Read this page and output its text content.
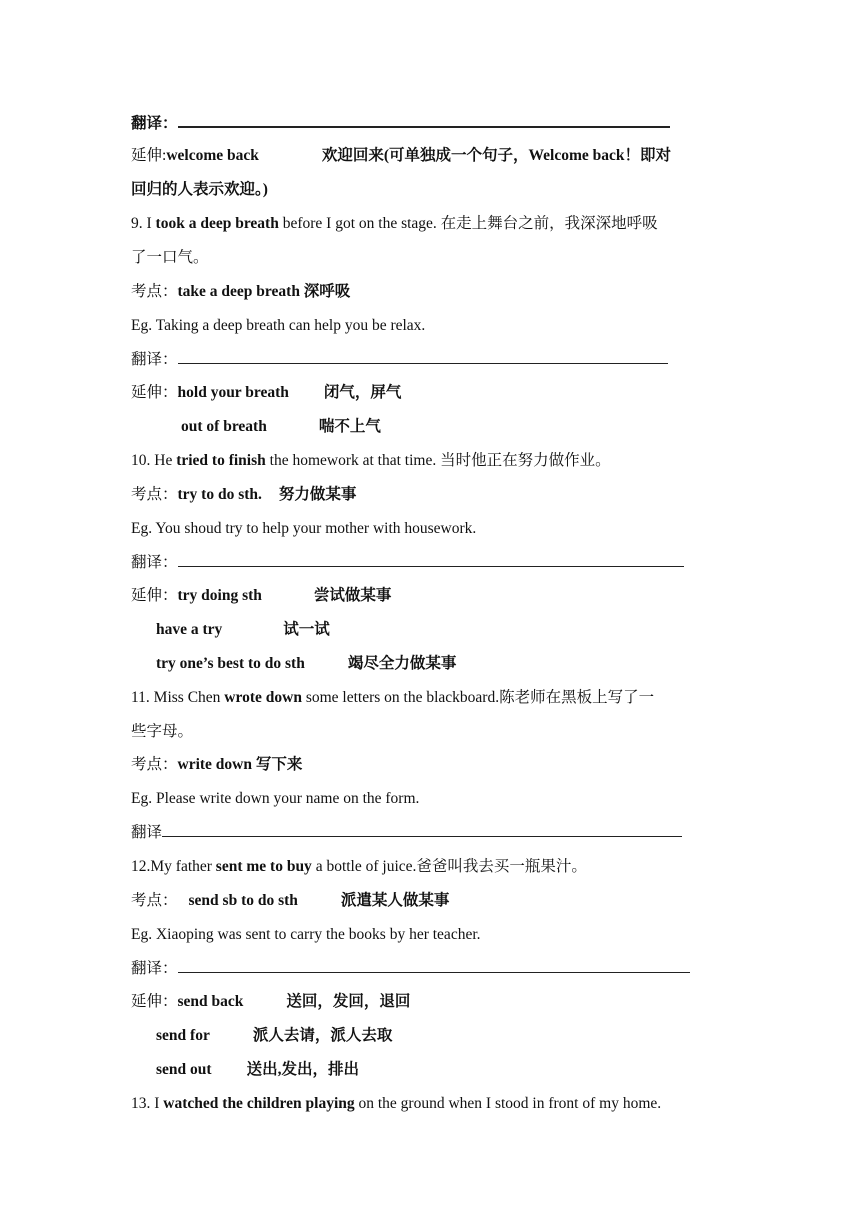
翻译：
延伸:welcome back	欢迎回来(可单独成一个句子，Welcome back！即对
回归的人表示欢迎。)
9. I took a deep breath before I got on the stage. 在走上舞台之前，我深深地呼吸
了一口气。
考点：take a deep breath 深呼吸
Eg. Taking a deep breath can help you be relax.
翻译：
延伸：hold your breath 闭气，屏气
out of breath	喘不上气
10. He tried to finish the homework at that time. 当时他正在努力做作业。
考点：try to do sth. 努力做某事
Eg. You shoud try to help your mother with housework.
翻译：
延伸：try doing sth	尝试做某事
have a try	试一试
try one’s best to do sth	竭尽全力做某事
11. Miss Chen wrote down some letters on the blackboard.陈老师在黑板上写了一
些字母。
考点：write down 写下来
Eg. Please write down your name on the form.
翻译
12.My father sent me to buy a bottle of juice.爸爸叫我去买一瓶果汁。
考点： send sb to do sth	派遣某人做某事
Eg. Xiaoping was sent to carry the books by her teacher.
翻译：
延伸：send back	送回，发回，退回
send for	派人去请，派人去取
send out 送出,发出，排出
13. I watched the children playing on the ground when I stood in front of my home.
